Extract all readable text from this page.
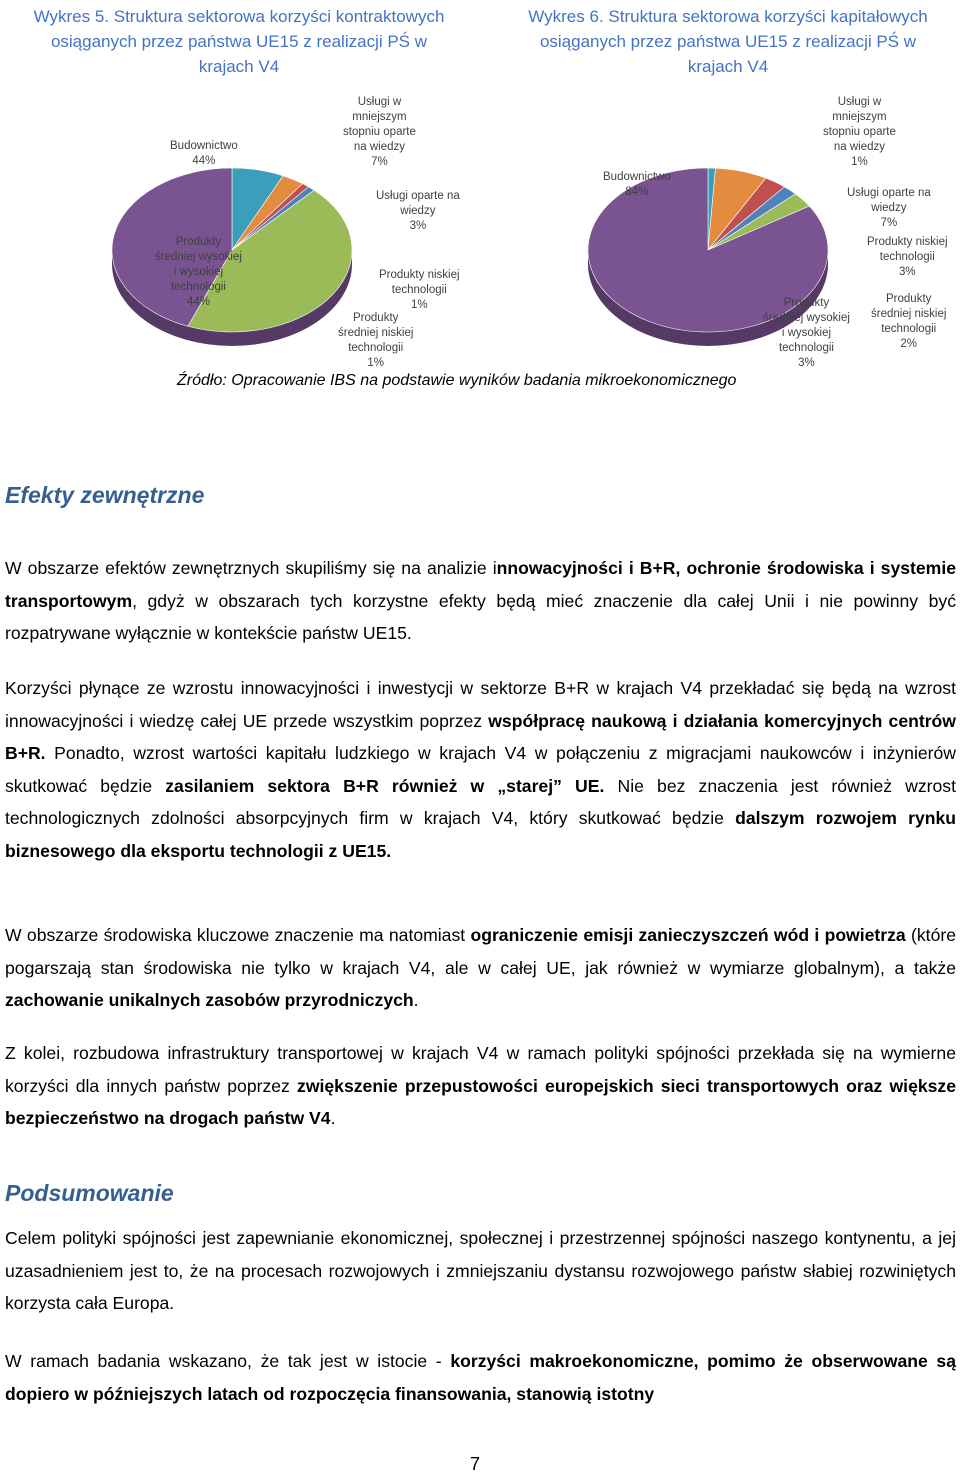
Wykres 5. Struktura sektorowa korzyści kontraktowych
osiąganych przez państwa UE15 z realizacji PŚ w
krajach V4
Wykres 6. Struktura sektorowa korzyści kapitałowych
osiąganych przez państwa UE15 z realizacji PŚ w
krajach V4
Budownictwo
44%
Usługi w
mniejszym
stopniu oparte
na wiedzy
7%
Usługi oparte na
wiedzy
3%
Produkty niskiej
technologii
1%
Produkty
średniej niskiej
technologii
1%
Produkty
średniej wysokiej
i wysokiej
technologii
44%
Budownictwo
84%
Usługi w
mniejszym
stopniu oparte
na wiedzy
1%
Usługi oparte na
wiedzy
7%
Produkty niskiej
technologii
3%
Produkty
średniej niskiej
technologii
2%
Produkty
średniej wysokiej
i wysokiej
technologii
3%
Źródło: Opracowanie IBS na podstawie wyników badania mikroekonomicznego
Efekty zewnętrzne

W obszarze efektów zewnętrznych skupiliśmy się na analizie innowacyjności i B+R, ochronie środowiska i systemie transportowym, gdyż w obszarach tych korzystne efekty będą mieć znaczenie dla całej Unii i nie powinny być rozpatrywane wyłącznie w kontekście państw UE15.

Korzyści płynące ze wzrostu innowacyjności i inwestycji w sektorze B+R w krajach V4 przekładać się będą na wzrost innowacyjności i wiedzę całej UE przede wszystkim poprzez współpracę naukową i działania komercyjnych centrów B+R. Ponadto, wzrost wartości kapitału ludzkiego w krajach V4 w połączeniu z migracjami naukowców i inżynierów skutkować będzie zasilaniem sektora B+R również w „starej” UE. Nie bez znaczenia jest również wzrost technologicznych zdolności absorpcyjnych firm w krajach V4, który skutkować będzie dalszym rozwojem rynku biznesowego dla eksportu technologii z UE15.

W obszarze środowiska kluczowe znaczenie ma natomiast ograniczenie emisji zanieczyszczeń wód i powietrza (które pogarszają stan środowiska nie tylko w krajach V4, ale w całej UE, jak również w wymiarze globalnym), a także zachowanie unikalnych zasobów przyrodniczych.

Z kolei, rozbudowa infrastruktury transportowej w krajach V4 w ramach polityki spójności przekłada się na wymierne korzyści dla innych państw poprzez zwiększenie przepustowości europejskich sieci transportowych oraz większe bezpieczeństwo na drogach państw V4.

Podsumowanie

Celem polityki spójności jest zapewnianie ekonomicznej, społecznej i przestrzennej spójności naszego kontynentu, a jej uzasadnieniem jest to, że na procesach rozwojowych i zmniejszaniu dystansu rozwojowego państw słabiej rozwiniętych korzysta cała Europa.

W ramach badania wskazano, że tak jest w istocie - korzyści makroekonomiczne, pomimo że obserwowane są dopiero w późniejszych latach od rozpoczęcia finansowania, stanowią istotny

7
